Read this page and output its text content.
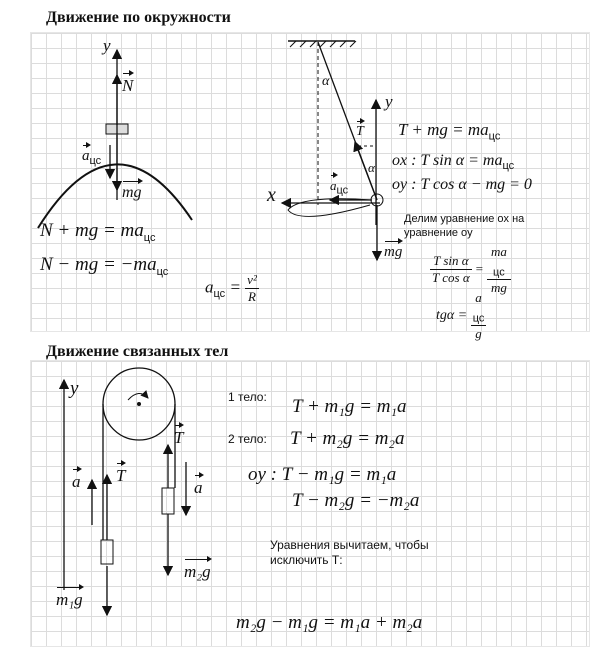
Движение по окружности
Движение связанных тел
y
N
$a_{цс}$
mg
N + mg = $ma_{цс}$
N − mg = $-ma_{цс}$
$a_{цс} = \frac{\text{v²}}{R}$
α
y
x
T
$a_{цс}$
α
mg
T + mg = $ma_{цс}$
ox : T $\sin \alpha = ma_{цс}$
oy : T cos α − mg = 0
Делим уравнение ox на уравнение oy
$\frac{\text{T sin α}}{\text{T cos α}}$ = ma
$_{цс}$
mg
tgα = a
$_{цс}$
g
y
a T
T
a
m₂g
m₁g
1 тело: T + m₁g = m₁a
2 тело: T + m₂g = m₂a
oy : T − m₁g = m₁a
T − m₂g = −m₂a
Уравнения вычитаем, чтобы исключить Т:
m₂g − m₁g = m₁a + m₂a
